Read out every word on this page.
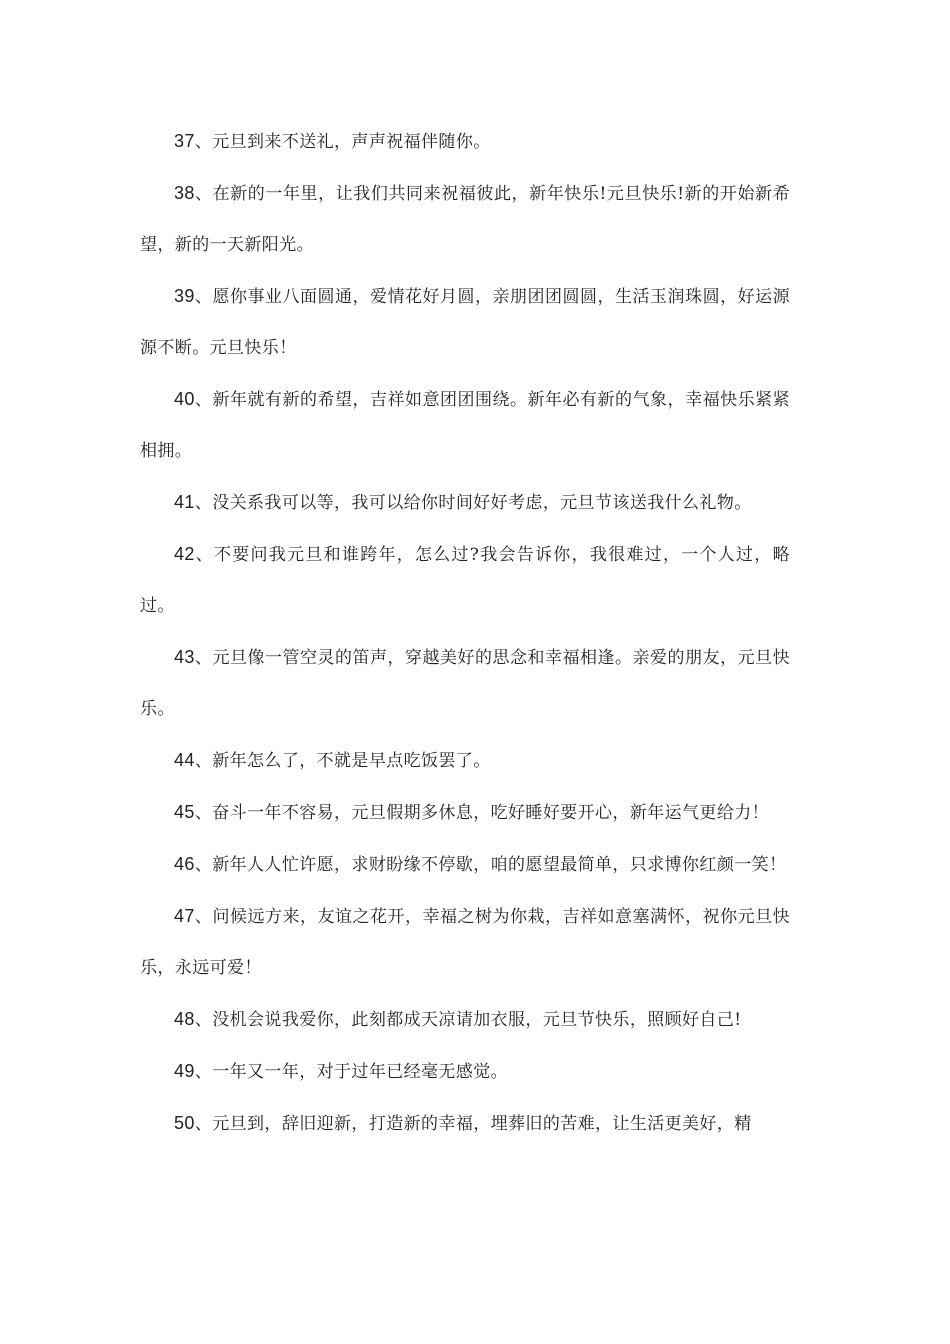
37、元旦到来不送礼，声声祝福伴随你。

38、在新的一年里，让我们共同来祝福彼此，新年快乐!元旦快乐!新的开始新希望，新的一天新阳光。

39、愿你事业八面圆通，爱情花好月圆，亲朋团团圆圆，生活玉润珠圆，好运源源不断。元旦快乐！

40、新年就有新的希望，吉祥如意团团围绕。新年必有新的气象，幸福快乐紧紧相拥。

41、没关系我可以等，我可以给你时间好好考虑，元旦节该送我什么礼物。

42、不要问我元旦和谁跨年，怎么过?我会告诉你，我很难过，一个人过，略过。

43、元旦像一管空灵的笛声，穿越美好的思念和幸福相逢。亲爱的朋友，元旦快乐。

44、新年怎么了，不就是早点吃饭罢了。

45、奋斗一年不容易，元旦假期多休息，吃好睡好要开心，新年运气更给力！

46、新年人人忙许愿，求财盼缘不停歇，咱的愿望最简单，只求博你红颜一笑！

47、问候远方来，友谊之花开，幸福之树为你栽，吉祥如意塞满怀，祝你元旦快乐，永远可爱！

48、没机会说我爱你，此刻都成天凉请加衣服，元旦节快乐，照顾好自己!

49、一年又一年，对于过年已经毫无感觉。

50、元旦到，辞旧迎新，打造新的幸福，埋葬旧的苦难，让生活更美好，精
